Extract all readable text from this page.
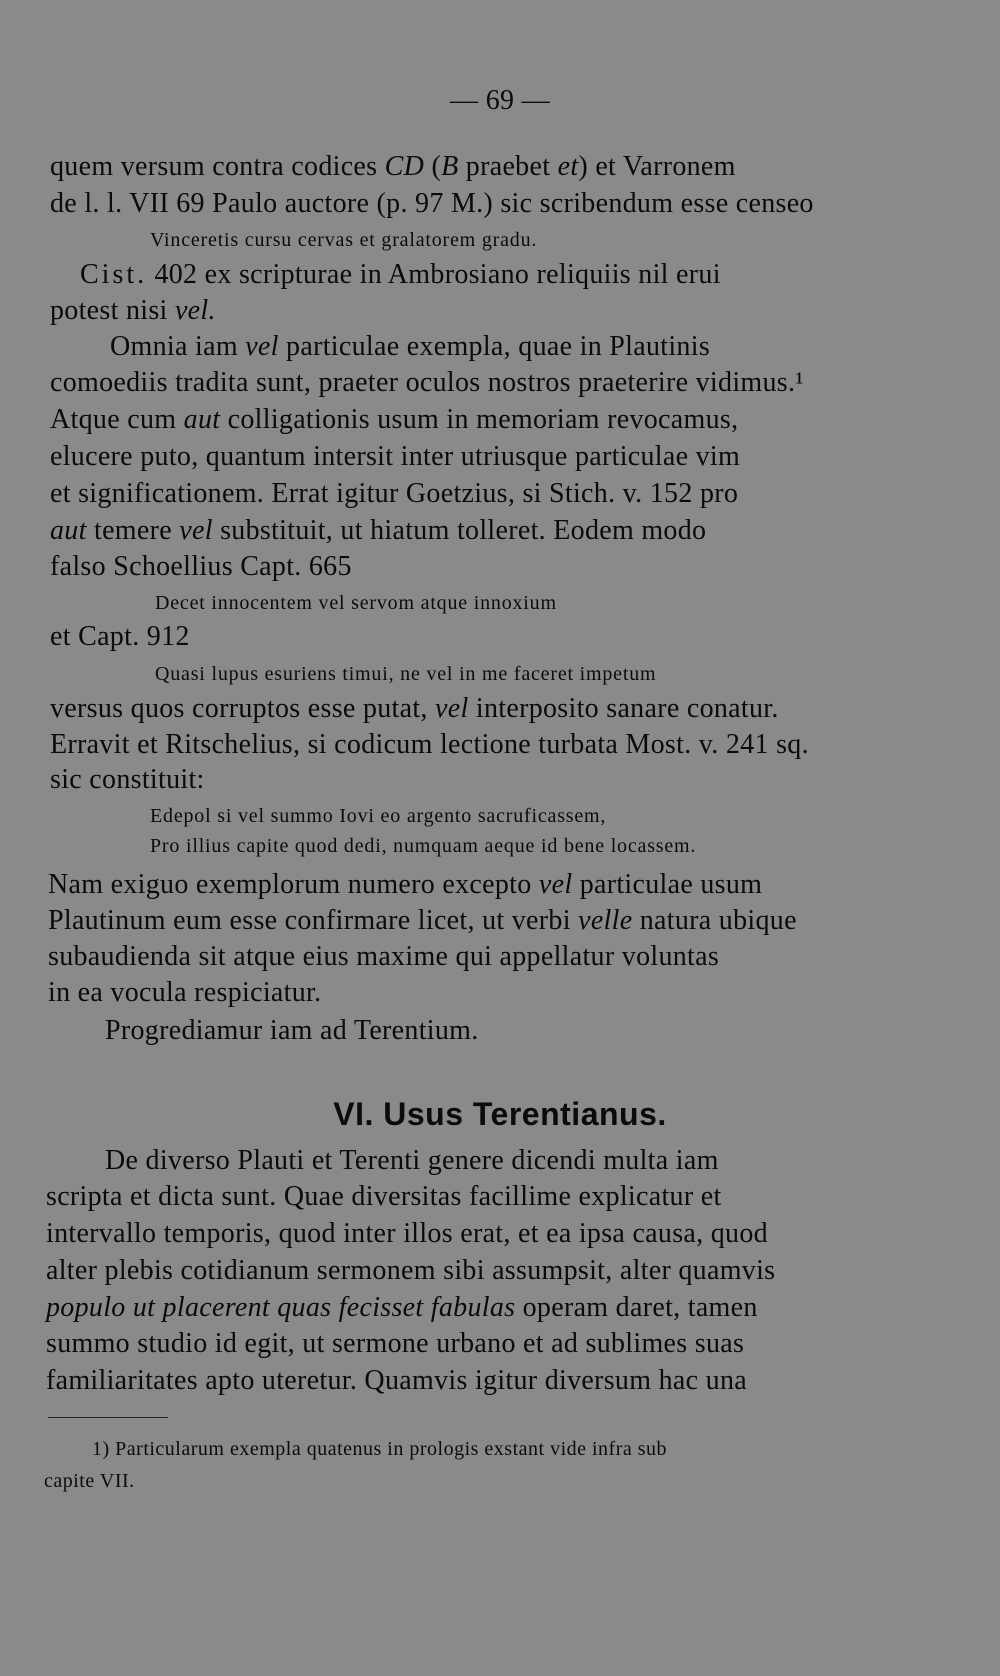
— 69 —
quem versum contra codices CD (B praebet et) et Varronem
de l. l. VII 69 Paulo auctore (p. 97 M.) sic scribendum esse censeo
Vinceretis cursu cervas et gralatorem gradu.
Cist. 402 ex scripturae in Ambrosiano reliquiis nil erui
potest nisi vel.
Omnia iam vel particulae exempla, quae in Plautinis
comoediis tradita sunt, praeter oculos nostros praeterire vidimus.¹
Atque cum aut colligationis usum in memoriam revocamus,
elucere puto, quantum intersit inter utriusque particulae vim
et significationem. Errat igitur Goetzius, si Stich. v. 152 pro
aut temere vel substituit, ut hiatum tolleret. Eodem modo
falso Schoellius Capt. 665
Decet innocentem vel servom atque innoxium
et Capt. 912
Quasi lupus esuriens timui, ne vel in me faceret impetum
versus quos corruptos esse putat, vel interposito sanare conatur.
Erravit et Ritschelius, si codicum lectione turbata Most. v. 241 sq.
sic constituit:
Edepol si vel summo Iovi eo argento sacruficassem,
Pro illius capite quod dedi, numquam aeque id bene locassem.
Nam exiguo exemplorum numero excepto vel particulae usum
Plautinum eum esse confirmare licet, ut verbi velle natura ubique
subaudienda sit atque eius maxime qui appellatur voluntas
in ea vocula respiciatur.
Progrediamur iam ad Terentium.
VI. Usus Terentianus.
De diverso Plauti et Terenti genere dicendi multa iam
scripta et dicta sunt. Quae diversitas facillime explicatur et
intervallo temporis, quod inter illos erat, et ea ipsa causa, quod
alter plebis cotidianum sermonem sibi assumpsit, alter quamvis
populo ut placerent quas fecisset fabulas operam daret, tamen
summo studio id egit, ut sermone urbano et ad sublimes suas
familiaritates apto uteretur. Quamvis igitur diversum hac una
1) Particularum exempla quatenus in prologis exstant vide infra sub
capite VII.
